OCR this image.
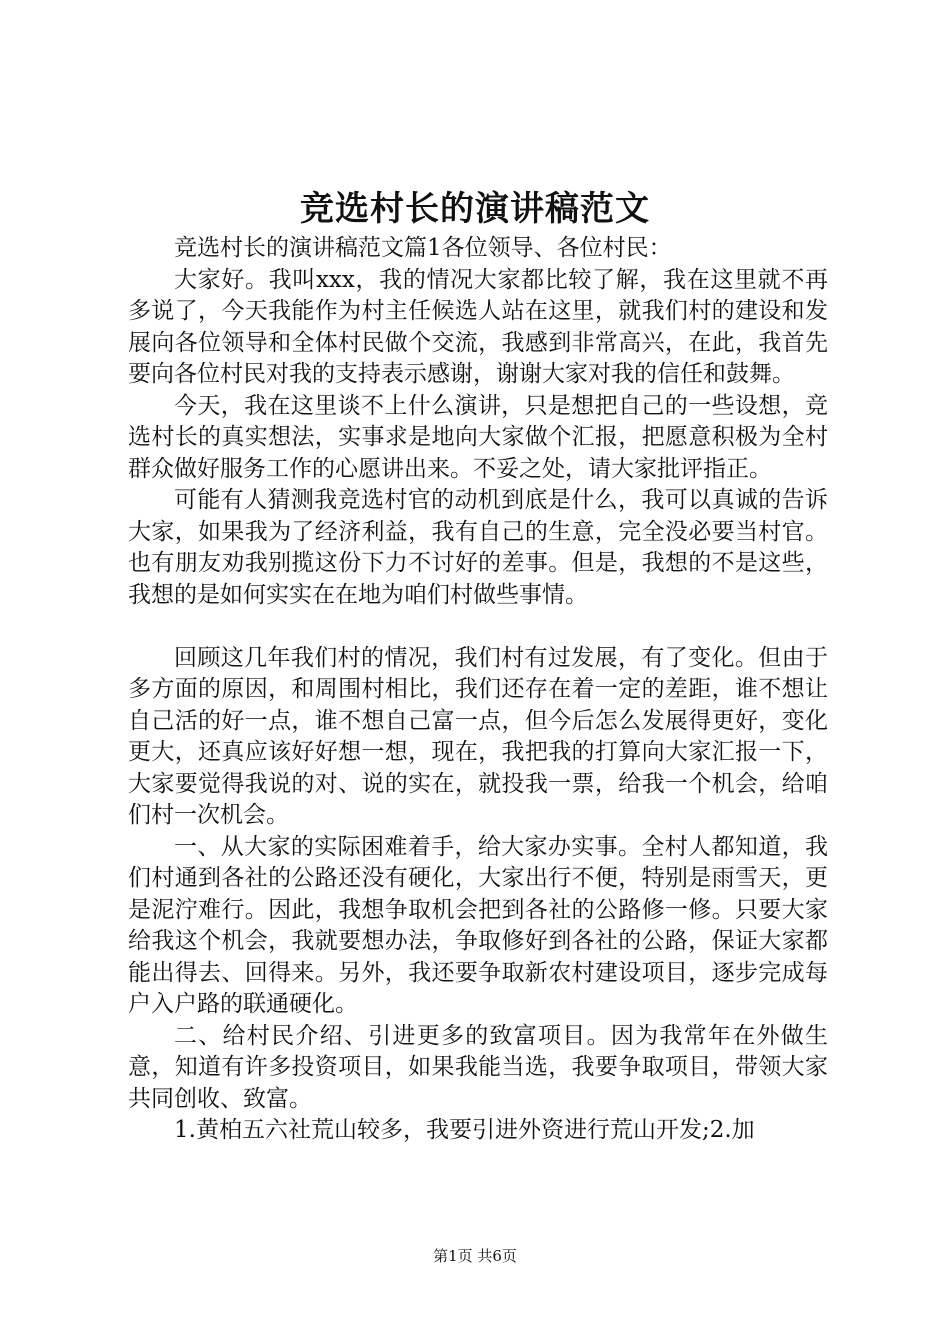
竞选村长的演讲稿范文

竞选村长的演讲稿范文篇1各位领导、各位村民：

大家好。我叫xxx，我的情况大家都比较了解，我在这里就不再多说了，今天我能作为村主任候选人站在这里，就我们村的建设和发展向各位领导和全体村民做个交流，我感到非常高兴，在此，我首先要向各位村民对我的支持表示感谢，谢谢大家对我的信任和鼓舞。

今天，我在这里谈不上什么演讲，只是想把自己的一些设想，竞选村长的真实想法，实事求是地向大家做个汇报，把愿意积极为全村群众做好服务工作的心愿讲出来。不妥之处，请大家批评指正。

可能有人猜测我竞选村官的动机到底是什么，我可以真诚的告诉大家，如果我为了经济利益，我有自己的生意，完全没必要当村官。也有朋友劝我别揽这份下力不讨好的差事。但是，我想的不是这些，我想的是如何实实在在地为咱们村做些事情。

回顾这几年我们村的情况，我们村有过发展，有了变化。但由于多方面的原因，和周围村相比，我们还存在着一定的差距，谁不想让自己活的好一点，谁不想自己富一点，但今后怎么发展得更好，变化更大，还真应该好好想一想，现在，我把我的打算向大家汇报一下，大家要觉得我说的对、说的实在，就投我一票，给我一个机会，给咱们村一次机会。

一、从大家的实际困难着手，给大家办实事。全村人都知道，我们村通到各社的公路还没有硬化，大家出行不便，特别是雨雪天，更是泥泞难行。因此，我想争取机会把到各社的公路修一修。只要大家给我这个机会，我就要想办法，争取修好到各社的公路，保证大家都能出得去、回得来。另外，我还要争取新农村建设项目，逐步完成每户入户路的联通硬化。

二、给村民介绍、引进更多的致富项目。因为我常年在外做生意，知道有许多投资项目，如果我能当选，我要争取项目，带领大家共同创收、致富。

1.黄柏五六社荒山较多，我要引进外资进行荒山开发;2.加

第1页 共6页
